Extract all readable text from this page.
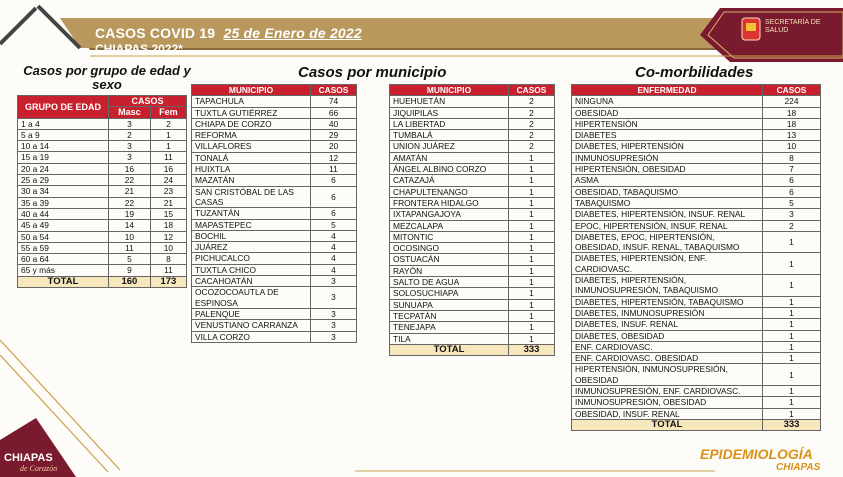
CASOS COVID 19 25 de Enero de 2022
CHIAPAS 2022*
SECRETARÍA DE SALUD
Casos por grupo de edad y sexo
Casos por municipio	Co-morbilidades
GRUPO DE EDAD	CASOS	
	Masc	Fem
1 a 4	3	2
5 a 9	2	1
10 a 14	3	1
15 a 19	3	11
20 a 24	16	16
25 a 29	22	24
30 a 34	21	23
35 a 39	22	21
40 a 44	19	15
45 a 49	14	18
50 a 54	10	12
55 a 59	11	10
60 a 64	5	8
65 y más	9	11
TOTAL	160	173
MUNICIPIO	CASOS
TAPACHULA	74
TUXTLA GUTIÉRREZ	66
CHIAPA DE CORZO	40
REFORMA	29
VILLAFLORES	20
TONALÁ	12
HUIXTLA	11
MAZATÁN	6
SAN CRISTÓBAL DE LAS CASAS	6
TUZANTÁN	6
MAPASTEPEC	5
BOCHIL	4
JUÁREZ	4
PICHUCALCO	4
TUXTLA CHICO	4
CACAHOATÁN	3
OCOZOCOAUTLA DE ESPINOSA	3
PALENQUE	3
VENUSTIANO CARRANZA	3
VILLA CORZO	3
MUNICIPIO	CASOS
HUEHUETÁN	2
JIQUIPILAS	2
LA LIBERTAD	2
TUMBALÁ	2
UNION JUÁREZ	2
AMATÁN	1
ÁNGEL ALBINO CORZO	1
CATAZAJÁ	1
CHAPULTENANGO	1
FRONTERA HIDALGO	1
IXTAPANGAJOYA	1
MEZCALAPA	1
MITONTIC	1
OCOSINGO	1
OSTUACÁN	1
RAYÓN	1
SALTO DE AGUA	1
SOLOSUCHIAPA	1
SUNUAPA	1
TECPATÁN	1
TENEJAPA	1
TILA	1
TOTAL	333
ENFERMEDAD	CASOS
NINGUNA	224
OBESIDAD	18
HIPERTENSIÓN	18
DIABETES	13
DIABETES, HIPERTENSIÓN	10
INMUNOSUPRESIÓN	8
HIPERTENSIÓN, OBESIDAD	7
ASMA	6
OBESIDAD, TABAQUISMO	6
TABAQUISMO	5
DIABETES, HIPERTENSIÓN, INSUF. RENAL	3
EPOC, HIPERTENSIÓN, INSUF. RENAL	2
DIABETES, EPOC, HIPERTENSIÓN, OBESIDAD, INSUF. RENAL, TABAQUISMO	1
DIABETES, HIPERTENSIÓN, ENF. CARDIOVASC.	1
DIABETES, HIPERTENSIÓN, INMUNOSUPRESIÓN, TABAQUISMO	1
DIABETES, HIPERTENSIÓN, TABAQUISMO	1
DIABETES, INMUNOSUPRESIÓN	1
DIABETES, INSUF. RENAL	1
DIABETES, OBESIDAD	1
ENF. CARDIOVASC.	1
ENF. CARDIOVASC. OBESIDAD	1
HIPERTENSIÓN, INMUNOSUPRESIÓN, OBESIDAD	1
INMUNOSUPRESIÓN, ENF. CARDIOVASC.	1
INMUNOSUPRESIÓN, OBESIDAD	1
OBESIDAD, INSUF. RENAL	1
TOTAL	333
CHIAPAS
de Corazón
EPIDEMIOLOGÍA
CHIAPAS
